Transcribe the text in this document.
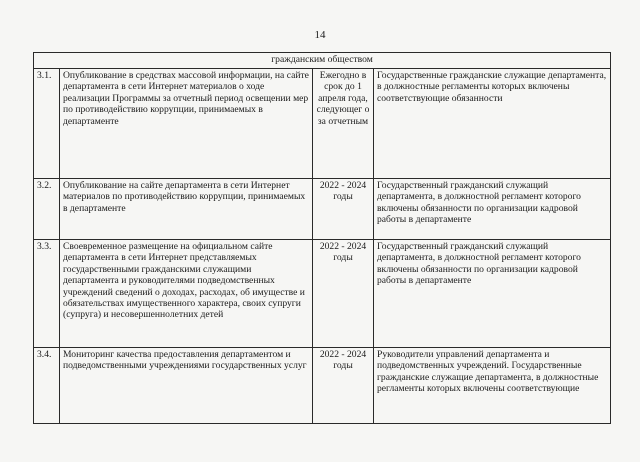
14
гражданским обществом			
3.1.	Опубликование в средствах массовой информации, на сайте департамента в сети Интернет материалов о ходе реализации Программы за отчетный период освещении мер по противодействию коррупции, принимаемых в департаменте	Ежегодно в срок до 1 апреля года, следующег о за отчетным	Государственные гражданские служащие департамента, в должностные регламенты которых включены соответствующие обязанности
3.2.	Опубликование на сайте департамента в сети Интернет материалов по противодействию коррупции, принимаемых в департаменте	2022 - 2024 годы	Государственный гражданский служащий департамента, в должностной регламент которого включены обязанности по организации кадровой работы в департаменте
3.3.	Своевременное размещение на официальном сайте департамента в сети Интернет представляемых государственными гражданскими служащими департамента и руководителями подведомственных учреждений сведений о доходах, расходах, об имуществе и обязательствах имущественного характера, своих супруги (супруга) и несовершеннолетних детей	2022 - 2024 годы	Государственный гражданский служащий департамента, в должностной регламент которого включены обязанности по организации кадровой работы в департаменте
3.4.	Мониторинг качества предоставления департаментом и подведомственными учреждениями государственных услуг	2022 - 2024 годы	Руководители управлений департамента и подведомственных учреждений. Государственные гражданские служащие департамента, в должностные регламенты которых включены соответствующие
